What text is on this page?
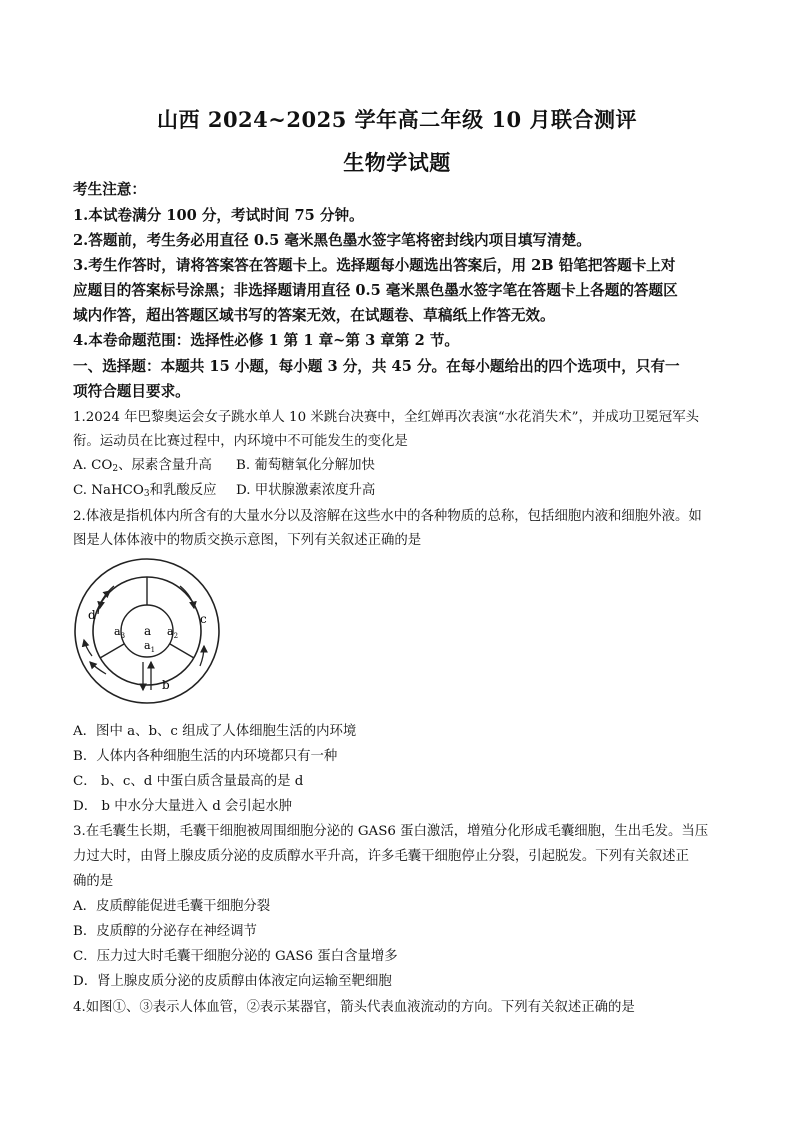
山西 2024~2025 学年高二年级 10 月联合测评
生物学试题
考生注意：
1.本试卷满分 100 分，考试时间 75 分钟。
2.答题前，考生务必用直径 0.5 毫米黑色墨水签字笔将密封线内项目填写清楚。
3.考生作答时，请将答案答在答题卡上。选择题每小题选出答案后，用 2B 铅笔把答题卡上对
应题目的答案标号涂黑；非选择题请用直径 0.5 毫米黑色墨水签字笔在答题卡上各题的答题区
域内作答，超出答题区域书写的答案无效，在试题卷、草稿纸上作答无效。
4.本卷命题范围：选择性必修 1 第 1 章~第 3 章第 2 节。
一、选择题：本题共 15 小题，每小题 3 分，共 45 分。在每小题给出的四个选项中，只有一
项符合题目要求。
1.2024 年巴黎奥运会女子跳水单人 10 米跳台决赛中，全红婵再次表演“水花消失术”，并成功卫冕冠军头
衔。运动员在比赛过程中，内环境中不可能发生的变化是
A. $CO_2$、尿素含量升高 B. 葡萄糖氧化分解加快
C. NaHCO$_3$和乳酸反应 D. 甲状腺激素浓度升高
2.体液是指机体内所含有的大量水分以及溶解在这些水中的各种物质的总称，包括细胞内液和细胞外液。如
图是人体体液中的物质交换示意图，下列有关叙述正确的是
a
$a_1$
$a_2$
$a_3$
d	c
b
A．图中 a、b、c 组成了人体细胞生活的内环境
B．人体内各种细胞生活的内环境都只有一种
C． b、c、d 中蛋白质含量最高的是 d
D． b 中水分大量进入 d 会引起水肿
3.在毛囊生长期，毛囊干细胞被周围细胞分泌的 GAS6 蛋白激活，增殖分化形成毛囊细胞，生出毛发。当压
力过大时，由肾上腺皮质分泌的皮质醇水平升高，许多毛囊干细胞停止分裂，引起脱发。下列有关叙述正
确的是
A．皮质醇能促进毛囊干细胞分裂
B．皮质醇的分泌存在神经调节
C．压力过大时毛囊干细胞分泌的 GAS6 蛋白含量增多
D．肾上腺皮质分泌的皮质醇由体液定向运输至靶细胞
4.如图①、③表示人体血管，②表示某器官，箭头代表血液流动的方向。下列有关叙述正确的是
